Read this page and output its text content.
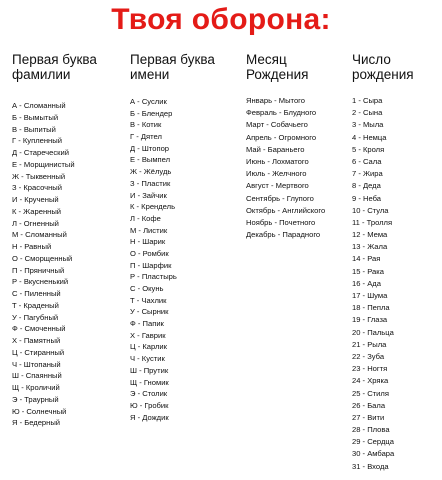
Твоя оборона:
Первая буква
фамилии
А - Сломанный
Б - Вымытый
В - Выпитый
Г - Купленный
Д - Стареческий
Е - Морщинистый
Ж - Тыквенный
З - Красочный
И - Крученый
К - Жаренный
Л - Огненный
М - Сломанный
Н - Равный
О - Сморщенный
П - Пряничный
Р - Вкусненький
С - Пиленный
Т - Краденый
У - Пагубный
Ф - Смоченный
Х - Памятный
Ц - Стиранный
Ч - Штопаный
Ш - Спаянный
Щ - Кроличий
Э - Траурный
Ю - Солнечный
Я - Бедерный
Первая буква
имени
А - Суслик
Б - Блендер
В - Котик
Г - Дятел
Д - Штопор
Е - Вымпел
Ж - Жёлудь
З - Пластик
И - Зайчик
К - Крендель
Л - Кофе
М - Листик
Н - Шарик
О - Ромбик
П - Шарфик
Р - Пластырь
С - Окунь
Т - Чахлик
У - Сырник
Ф - Папик
Х - Гаврик
Ц - Карлик
Ч - Кустик
Ш - Прутик
Щ - Гномик
Э - Столик
Ю - Гробик
Я - Дождик
Месяц
Рождения
Январь - Мытого
Февраль - Блудного
Март - Собачьего
Апрель - Огромного
Май - Бараньего
Июнь - Лохматого
Июль - Желчного
Август - Мертвого
Сентябрь - Глупого
Октябрь - Английского
Ноябрь - Почетного
Декабрь - Парадного
Число
рождения
1 - Сыра
2 - Сына
3 - Мыла
4 - Немца
5 - Кроля
6 - Сала
7 - Жира
8 - Деда
9 - Неба
10 - Стула
11 - Тролля
12 - Мема
13 - Жала
14 - Рая
15 - Рака
16 - Ада
17 - Шума
18 - Пепла
19 - Глаза
20 - Пальца
21 - Рыла
22 - Зуба
23 - Ногтя
24 - Хряка
25 - Стиля
26 - Бала
27 - Вити
28 - Плова
29 - Сердца
30 - Амбара
31 - Входа
